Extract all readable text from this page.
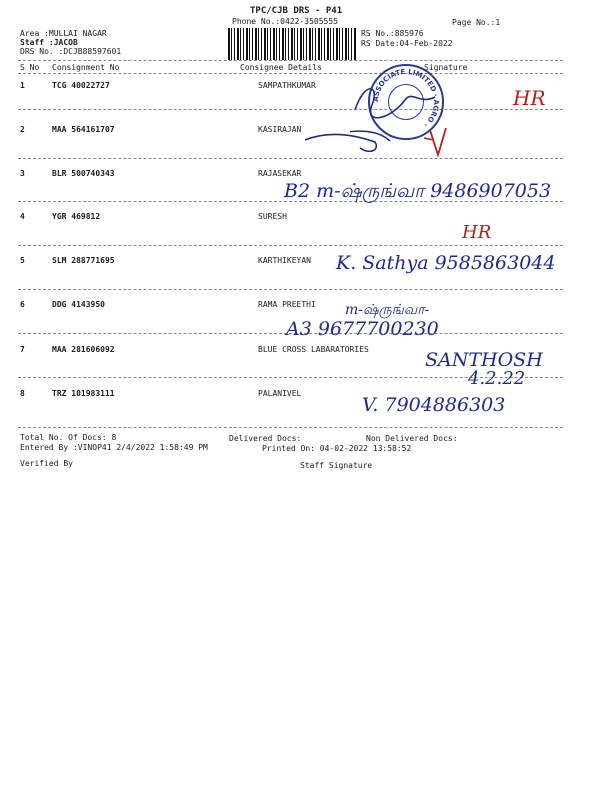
TPC/CJB DRS - P41
Phone No.:0422-3505555	Page No.:1
Area :MULLAI NAGAR
Staff :JACOB
DRS No. :DCJB88597601
RS No.:885976
RS Date:04-Feb-2022
S No Consignment No	Consignee Details	Signature
1	TCG 40022727	SAMPATHKUMAR
2	MAA 564161707	KASIRAJAN
3	BLR 500740343	RAJASEKAR
4	YGR 469812	SURESH
5	SLM 288771695	KARTHIKEYAN
6	DDG 4143950	RAMA PREETHI
7	MAA 281606092	BLUE CROSS LABARATORIES
8	TRZ 101983111	PALANIVEL
ASSOCIATE LIMITED · AGRO ·
HR
B2 m-ஷ்ருங்வா 9486907053
HR
K. Sathya 9585863044
m-ஷ்ருங்வா-
A3 9677700230
SANTHOSH
4.2.22
V. 7904886303
Total No. Of Docs: 8	Delivered Docs:	Non Delivered Docs:
Entered By :VINOP41 2/4/2022 1:58:49 PM	Printed On: 04-02-2022 13:58:52
Verified By	Staff Signature
